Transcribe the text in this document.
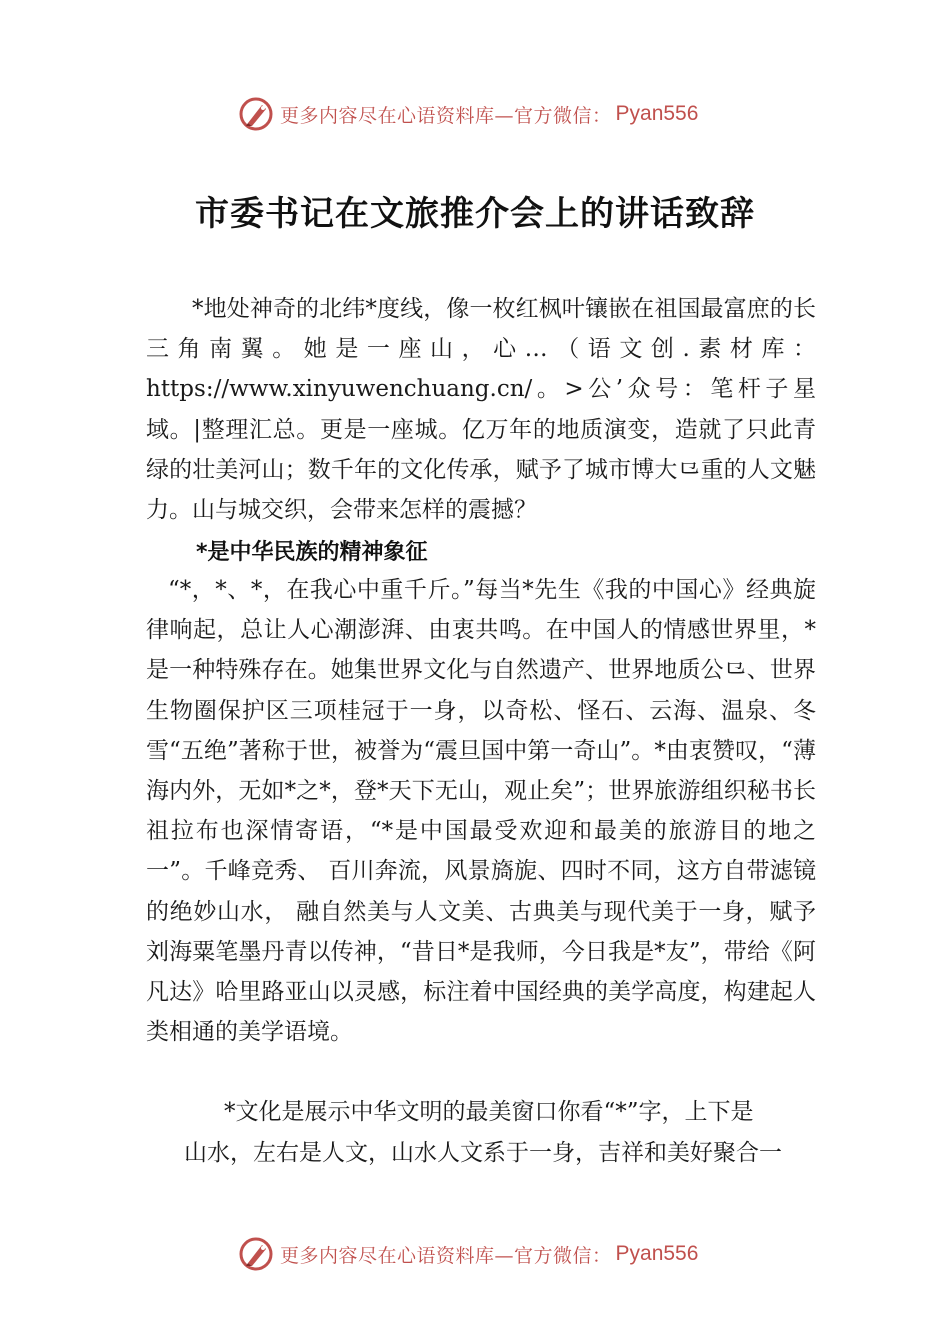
更多内容尽在心语资料库—官方微信： Pyan556
市委书记在文旅推介会上的讲话致辞

*地处神奇的北纬*度线，像一枚红枫叶镶嵌在祖国最富庶的长三角南翼。她是一座山，心…（语文创.素材库：https://www.xinyuwenchuang.cn/。>公’众号：笔杆子星域。|整理汇总。更是一座城。亿万年的地质演变，造就了只此青绿的壮美河山；数千年的文化传承，赋予了城市博大⺋重的人文魅力。山与城交织，会带来怎样的震撼？

*是中华民族的精神象征

“*，*、*，在我心中重千斤。”每当*先生《我的中国心》经典旋律响起，总让人心潮澎湃、由衷共鸣。在中国人的情感世界里，*是一种特殊存在。她集世界文化与自然遗产、世界地质公⺋、世界生物圈保护区三项桂冠于一身，以奇松、怪石、云海、温泉、冬雪“五绝”著称于世，被誉为“震旦国中第一奇山”。*由衷赞叹，“薄海内外，无如*之*，登*天下无山，观止矣”；世界旅游组织秘书长祖拉布也深情寄语，“*是中国最受欢迎和最美的旅游目的地之一”。千峰竞秀、 百川奔流，风景旖旎、四时不同，这方自带滤镜的绝妙山水， 融自然美与人文美、古典美与现代美于一身，赋予刘海粟笔墨丹青以传神，“昔日*是我师，今日我是*友”，带给《阿凡达》哈里路亚山以灵感，标注着中国经典的美学高度，构建起人类相通的美学语境。

*文化是展示中华文明的最美窗口你看“*”字，上下是
山水，左右是人文，山水人文系于一身，吉祥和美好聚合一
更多内容尽在心语资料库—官方微信： Pyan556
